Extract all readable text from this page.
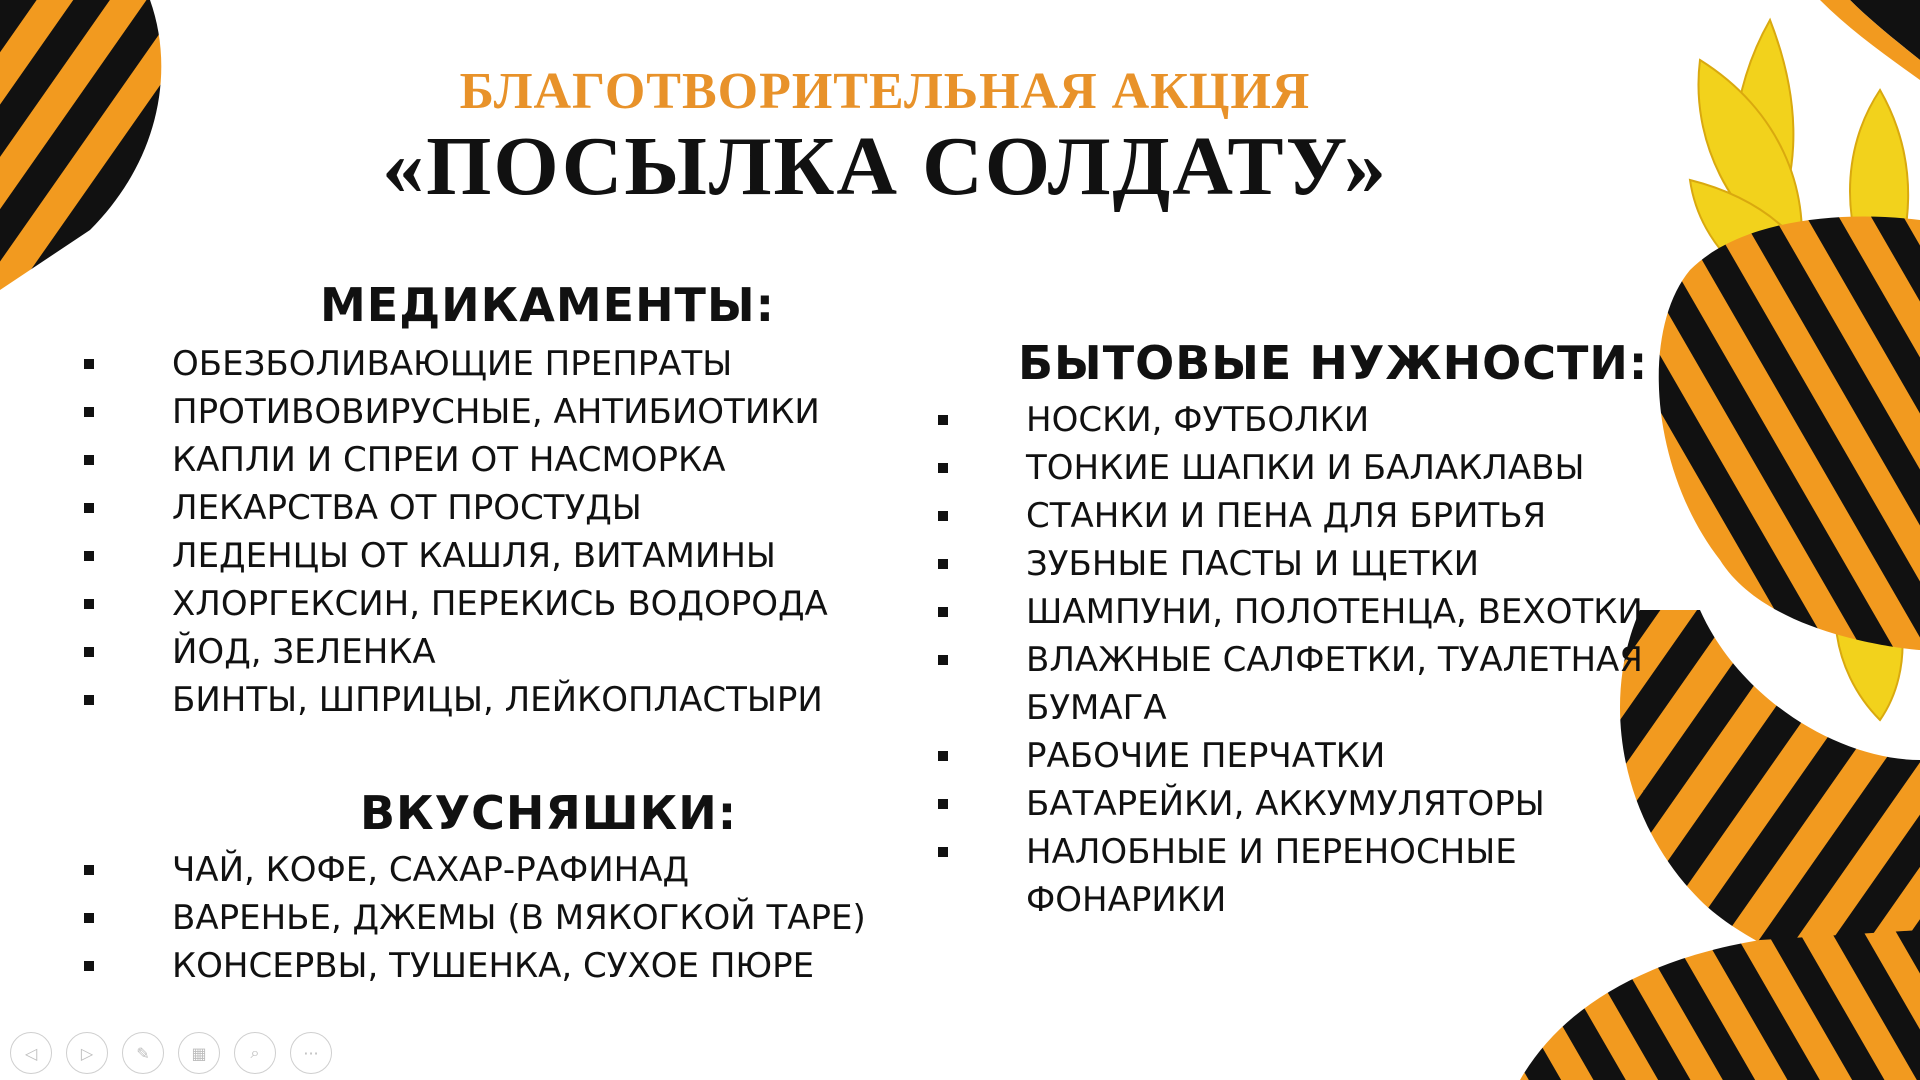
БЛАГОТВОРИТЕЛЬНАЯ АКЦИЯ
«ПОСЫЛКА СОЛДАТУ»
МЕДИКАМЕНТЫ:
ОБЕЗБОЛИВАЮЩИЕ ПРЕПРАТЫ
ПРОТИВОВИРУСНЫЕ, АНТИБИОТИКИ
КАПЛИ И СПРЕИ ОТ НАСМОРКА
ЛЕКАРСТВА ОТ ПРОСТУДЫ
ЛЕДЕНЦЫ ОТ КАШЛЯ, ВИТАМИНЫ
ХЛОРГЕКСИН, ПЕРЕКИСЬ ВОДОРОДА
ЙОД, ЗЕЛЕНКА
БИНТЫ, ШПРИЦЫ, ЛЕЙКОПЛАСТЫРИ
ВКУСНЯШКИ:
ЧАЙ, КОФЕ, САХАР-РАФИНАД
ВАРЕНЬЕ, ДЖЕМЫ (В МЯКОГКОЙ ТАРЕ)
КОНСЕРВЫ, ТУШЕНКА, СУХОЕ ПЮРЕ
БЫТОВЫЕ НУЖНОСТИ:
НОСКИ, ФУТБОЛКИ
ТОНКИЕ ШАПКИ И БАЛАКЛАВЫ
СТАНКИ И ПЕНА ДЛЯ БРИТЬЯ
ЗУБНЫЕ ПАСТЫ И ЩЕТКИ
ШАМПУНИ, ПОЛОТЕНЦА, ВЕХОТКИ
ВЛАЖНЫЕ САЛФЕТКИ, ТУАЛЕТНАЯ
БУМАГА
РАБОЧИЕ ПЕРЧАТКИ
БАТАРЕЙКИ, АККУМУЛЯТОРЫ
НАЛОБНЫЕ И ПЕРЕНОСНЫЕ
ФОНАРИКИ
◁	▷	✎	▦	⌕	···
